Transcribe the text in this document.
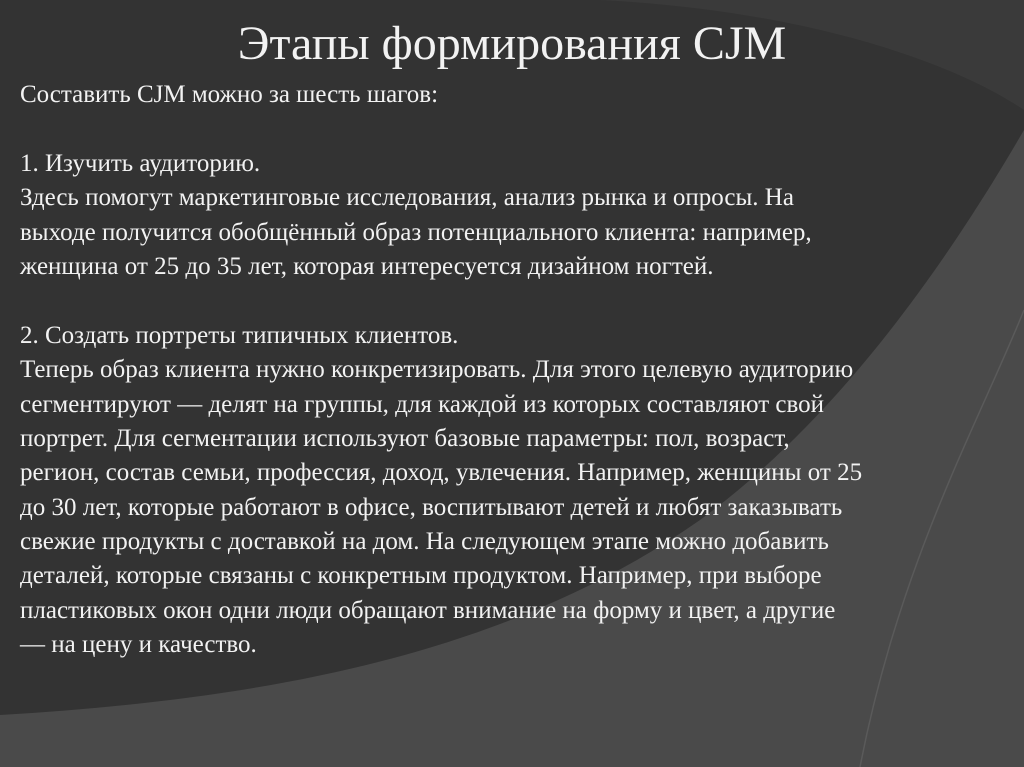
Этапы формирования CJM
Составить CJM можно за шесть шагов:
1. Изучить аудиторию.
Здесь помогут маркетинговые исследования, анализ рынка и опросы. На
выходе получится обобщённый образ потенциального клиента: например,
женщина от 25 до 35 лет, которая интересуется дизайном ногтей.
2. Создать портреты типичных клиентов.
Теперь образ клиента нужно конкретизировать. Для этого целевую аудиторию
сегментируют — делят на группы, для каждой из которых составляют свой
портрет. Для сегментации используют базовые параметры: пол, возраст,
регион, состав семьи, профессия, доход, увлечения. Например, женщины от 25
до 30 лет, которые работают в офисе, воспитывают детей и любят заказывать
свежие продукты с доставкой на дом. На следующем этапе можно добавить
деталей, которые связаны с конкретным продуктом. Например, при выборе
пластиковых окон одни люди обращают внимание на форму и цвет, а другие
— на цену и качество.
